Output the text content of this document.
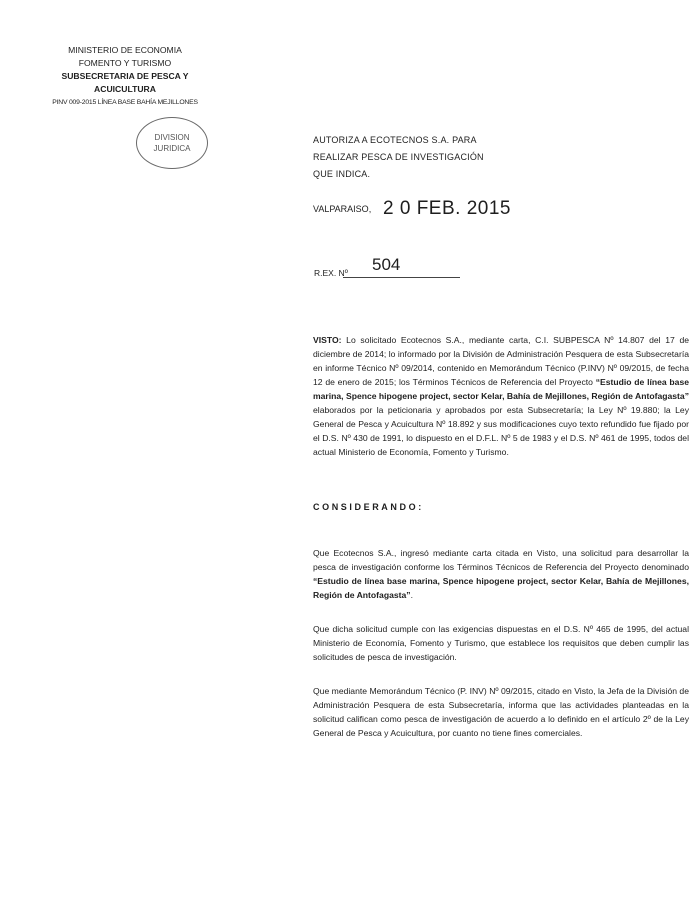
MINISTERIO DE ECONOMIA
FOMENTO Y TURISMO
SUBSECRETARIA DE PESCA Y ACUICULTURA
PINV 009-2015 LÍNEA BASE BAHÍA MEJILLONES
DIVISION
JURIDICA
AUTORIZA A ECOTECNOS S.A. PARA REALIZAR PESCA DE INVESTIGACIÓN QUE INDICA.
VALPARAISO, 2 0 FEB. 2015
R.EX. Nº 504

VISTO: Lo solicitado Ecotecnos S.A., mediante carta, C.I. SUBPESCA Nº 14.807 del 17 de diciembre de 2014; lo informado por la División de Administración Pesquera de esta Subsecretaría en informe Técnico Nº 09/2014, contenido en Memorándum Técnico (P.INV) Nº 09/2015, de fecha 12 de enero de 2015; los Términos Técnicos de Referencia del Proyecto “Estudio de línea base marina, Spence hipogene project, sector Kelar, Bahía de Mejillones, Región de Antofagasta” elaborados por la peticionaria y aprobados por esta Subsecretaría; la Ley Nº 19.880; la Ley General de Pesca y Acuicultura Nº 18.892 y sus modificaciones cuyo texto refundido fue fijado por el D.S. Nº 430 de 1991, lo dispuesto en el D.F.L. Nº 5 de 1983 y el D.S. Nº 461 de 1995, todos del actual Ministerio de Economía, Fomento y Turismo.

CONSIDERANDO:

Que Ecotecnos S.A., ingresó mediante carta citada en Visto, una solicitud para desarrollar la pesca de investigación conforme los Términos Técnicos de Referencia del Proyecto denominado “Estudio de línea base marina, Spence hipogene project, sector Kelar, Bahía de Mejillones, Región de Antofagasta”.

Que dicha solicitud cumple con las exigencias dispuestas en el D.S. Nº 465 de 1995, del actual Ministerio de Economía, Fomento y Turismo, que establece los requisitos que deben cumplir las solicitudes de pesca de investigación.

Que mediante Memorándum Técnico (P. INV) Nº 09/2015, citado en Visto, la Jefa de la División de Administración Pesquera de esta Subsecretaría, informa que las actividades planteadas en la solicitud califican como pesca de investigación de acuerdo a lo definido en el artículo 2º de la Ley General de Pesca y Acuicultura, por cuanto no tiene fines comerciales.
